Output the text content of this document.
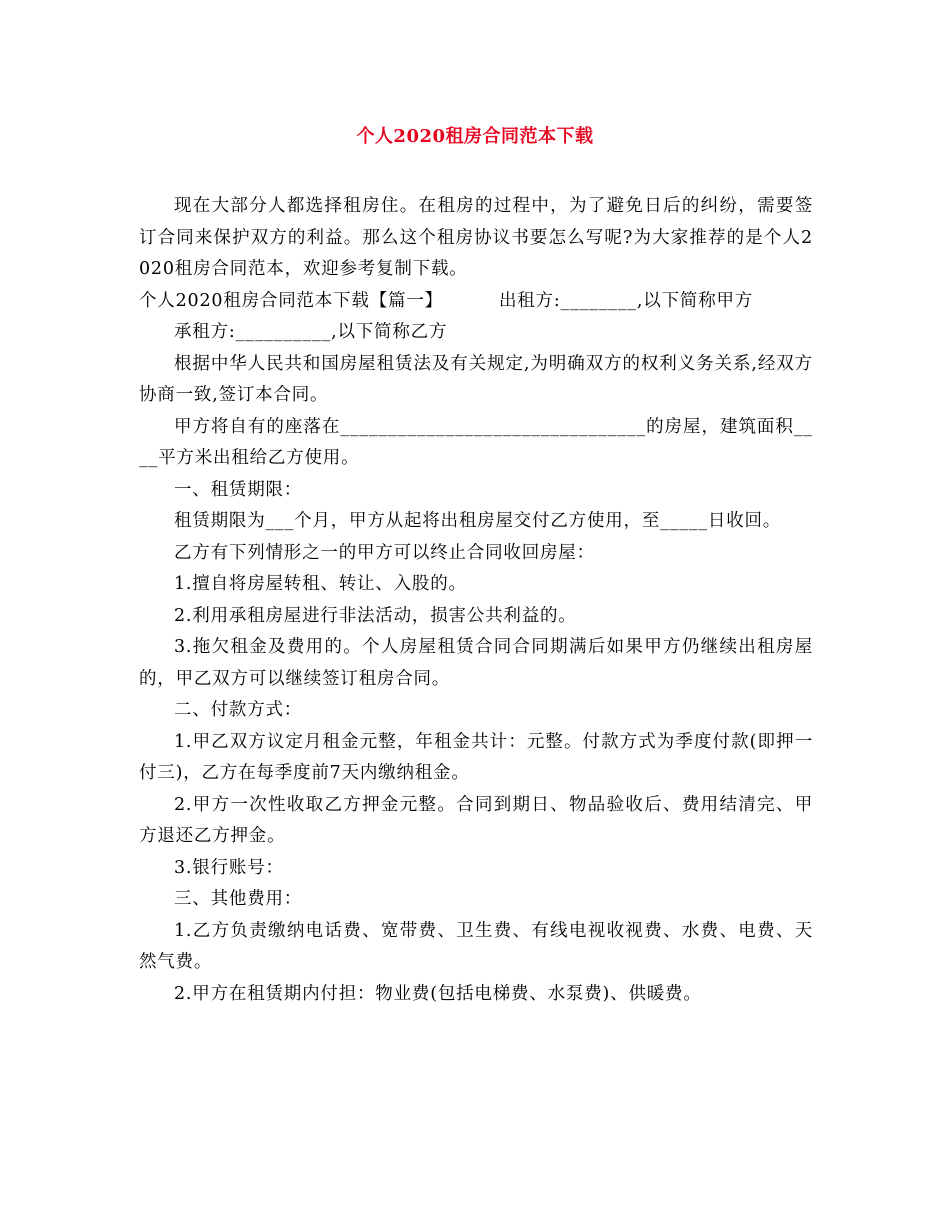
个人2020租房合同范本下载

现在大部分人都选择租房住。在租房的过程中，为了避免日后的纠纷，需要签订合同来保护双方的利益。那么这个租房协议书要怎么写呢?为大家推荐的是个人2020租房合同范本，欢迎参考复制下载。

个人2020租房合同范本下载【篇一】	出租方:________,以下简称甲方

承租方:__________,以下简称乙方

根据中华人民共和国房屋租赁法及有关规定,为明确双方的权利义务关系,经双方协商一致,签订本合同。

甲方将自有的座落在________________________________的房屋，建筑面积____平方米出租给乙方使用。

一、租赁期限：

租赁期限为___个月，甲方从起将出租房屋交付乙方使用，至_____日收回。

乙方有下列情形之一的甲方可以终止合同收回房屋：

1.擅自将房屋转租、转让、入股的。

2.利用承租房屋进行非法活动，损害公共利益的。

3.拖欠租金及费用的。个人房屋租赁合同合同期满后如果甲方仍继续出租房屋的，甲乙双方可以继续签订租房合同。

二、付款方式：

1.甲乙双方议定月租金元整，年租金共计：元整。付款方式为季度付款(即押一付三)，乙方在每季度前7天内缴纳租金。

2.甲方一次性收取乙方押金元整。合同到期日、物品验收后、费用结清完、甲方退还乙方押金。

3.银行账号：

三、其他费用：

1.乙方负责缴纳电话费、宽带费、卫生费、有线电视收视费、水费、电费、天然气费。

2.甲方在租赁期内付担：物业费(包括电梯费、水泵费)、供暖费。
